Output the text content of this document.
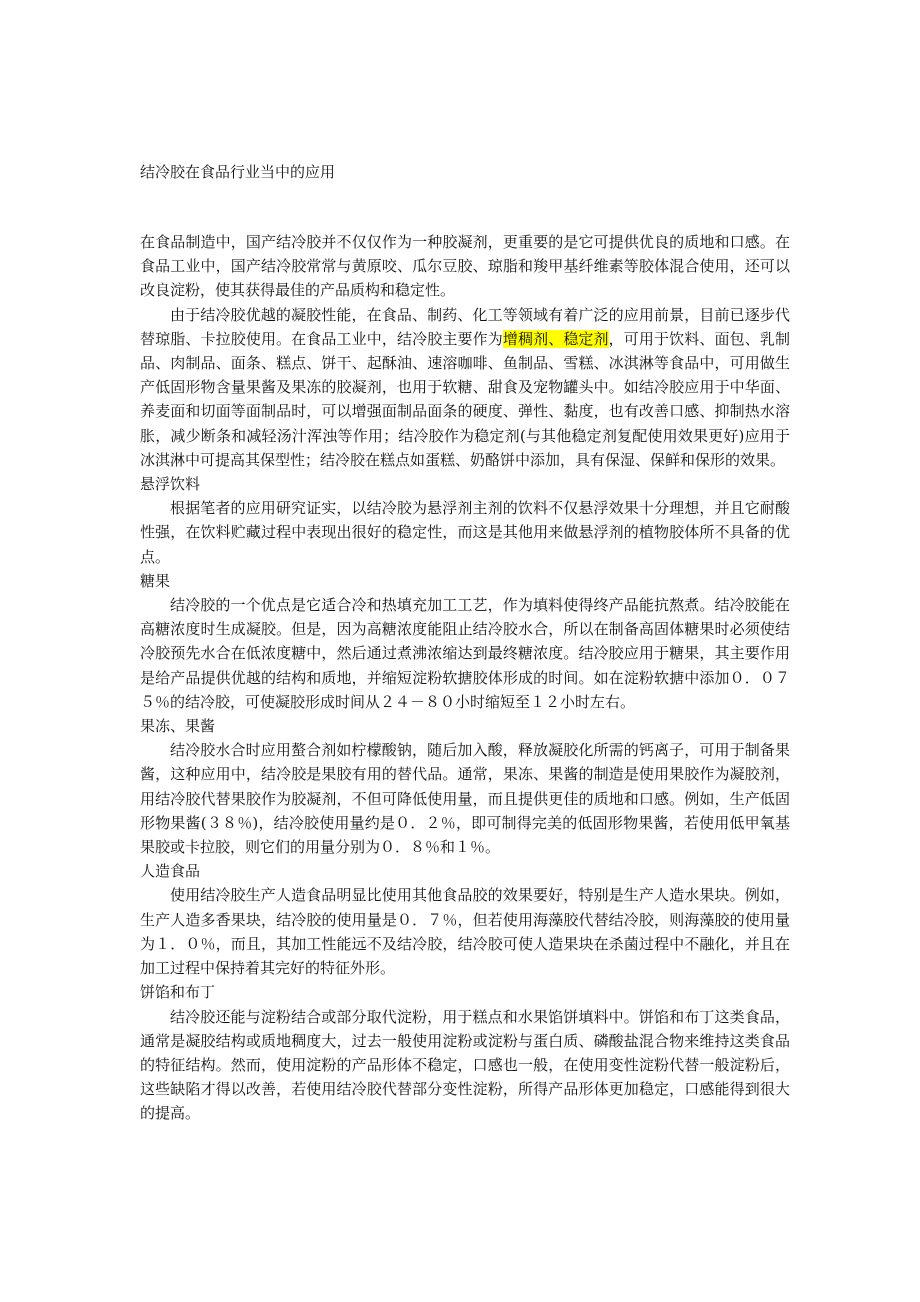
结冷胶在食品行业当中的应用

在食品制造中，国产结冷胶并不仅仅作为一种胶凝剂，更重要的是它可提供优良的质地和口感。在食品工业中，国产结冷胶常常与黄原咬、瓜尔豆胶、琼脂和羧甲基纤维素等胶体混合使用，还可以改良淀粉，使其获得最佳的产品质构和稳定性。

由于结冷胶优越的凝胶性能，在食品、制药、化工等领域有着广泛的应用前景，目前已逐步代替琼脂、卡拉胶使用。在食品工业中，结冷胶主要作为增稠剂、稳定剂，可用于饮料、面包、乳制品、肉制品、面条、糕点、饼干、起酥油、速溶咖啡、鱼制品、雪糕、冰淇淋等食品中，可用做生产低固形物含量果酱及果冻的胶凝剂，也用于软糖、甜食及宠物罐头中。如结冷胶应用于中华面、养麦面和切面等面制品时，可以增强面制品面条的硬度、弹性、黏度，也有改善口感、抑制热水溶胀，减少断条和减轻汤汁浑浊等作用；结冷胶作为稳定剂(与其他稳定剂复配使用效果更好)应用于冰淇淋中可提高其保型性；结冷胶在糕点如蛋糕、奶酪饼中添加，具有保湿、保鲜和保形的效果。

悬浮饮料

根据笔者的应用研究证实，以结冷胶为悬浮剂主剂的饮料不仅悬浮效果十分理想，并且它耐酸性强，在饮料贮藏过程中表现出很好的稳定性，而这是其他用来做悬浮剂的植物胶体所不具备的优点。

糖果

结冷胶的一个优点是它适合冷和热填充加工工艺，作为填料使得终产品能抗熬煮。结冷胶能在高糖浓度时生成凝胶。但是，因为高糖浓度能阻止结冷胶水合，所以在制备高固体糖果时必须使结冷胶预先水合在低浓度糖中，然后通过煮沸浓缩达到最终糖浓度。结冷胶应用于糖果，其主要作用是给产品提供优越的结构和质地，并缩短淀粉软搪胶体形成的时间。如在淀粉软搪中添加０．０７５％的结冷胶，可使凝胶形成时间从２４－８０小时缩短至１２小时左右。

果冻、果酱

结冷胶水合时应用螯合剂如柠檬酸钠，随后加入酸，释放凝胶化所需的钙离子，可用于制备果酱，这种应用中，结冷胶是果胶有用的替代品。通常，果冻、果酱的制造是使用果胶作为凝胶剂，用结冷胶代替果胶作为胶凝剂，不但可降低使用量，而且提供更佳的质地和口感。例如，生产低固形物果酱(３８％)，结冷胶使用量约是０．２％，即可制得完美的低固形物果酱，若使用低甲氧基果胶或卡拉胶，则它们的用量分别为０．８％和１％。

人造食品

使用结冷胶生产人造食品明显比使用其他食品胶的效果要好，特别是生产人造水果块。例如，生产人造多香果块，结冷胶的使用量是０．７％，但若使用海藻胶代替结冷胶，则海藻胶的使用量为１．０％，而且，其加工性能远不及结冷胶，结冷胶可使人造果块在杀菌过程中不融化，并且在加工过程中保持着其完好的特征外形。

饼馅和布丁

结冷胶还能与淀粉结合或部分取代淀粉，用于糕点和水果馅饼填料中。饼馅和布丁这类食品，通常是凝胶结构或质地稠度大，过去一般使用淀粉或淀粉与蛋白质、磷酸盐混合物来维持这类食品的特征结构。然而，使用淀粉的产品形体不稳定，口感也一般，在使用变性淀粉代替一般淀粉后，这些缺陷才得以改善，若使用结冷胶代替部分变性淀粉，所得产品形体更加稳定，口感能得到很大的提高。
